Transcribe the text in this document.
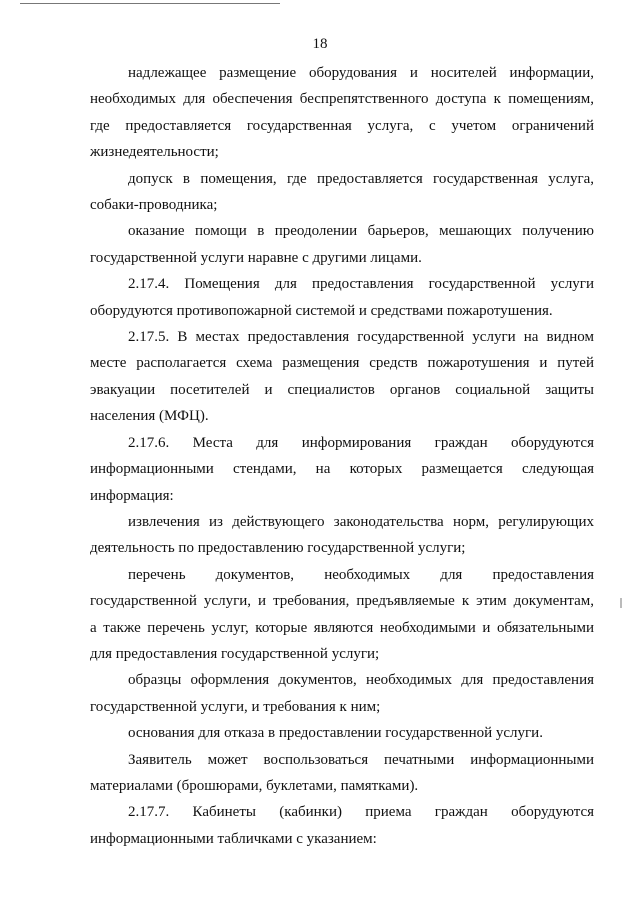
18

надлежащее размещение оборудования и носителей информации,
необходимых для обеспечения беспрепятственного доступа к помещениям,
где предоставляется государственная услуга, с учетом ограничений
жизнедеятельности;

допуск в помещения, где предоставляется государственная услуга,
собаки-проводника;

оказание помощи в преодолении барьеров, мешающих получению
государственной услуги наравне с другими лицами.

2.17.4. Помещения для предоставления государственной услуги
оборудуются противопожарной системой и средствами пожаротушения.

2.17.5. В местах предоставления государственной услуги на видном
месте располагается схема размещения средств пожаротушения и путей
эвакуации посетителей и специалистов органов социальной защиты
населения (МФЦ).

2.17.6. Места для информирования граждан оборудуются
информационными стендами, на которых размещается следующая
информация:

извлечения из действующего законодательства норм, регулирующих
деятельность по предоставлению государственной услуги;

перечень документов, необходимых для предоставления
государственной услуги, и требования, предъявляемые к этим документам,
а также перечень услуг, которые являются необходимыми и обязательными
для предоставления государственной услуги;

образцы оформления документов, необходимых для предоставления
государственной услуги, и требования к ним;

основания для отказа в предоставлении государственной услуги.

Заявитель может воспользоваться печатными информационными
материалами (брошюрами, буклетами, памятками).

2.17.7. Кабинеты (кабинки) приема граждан оборудуются
информационными табличками с указанием:
